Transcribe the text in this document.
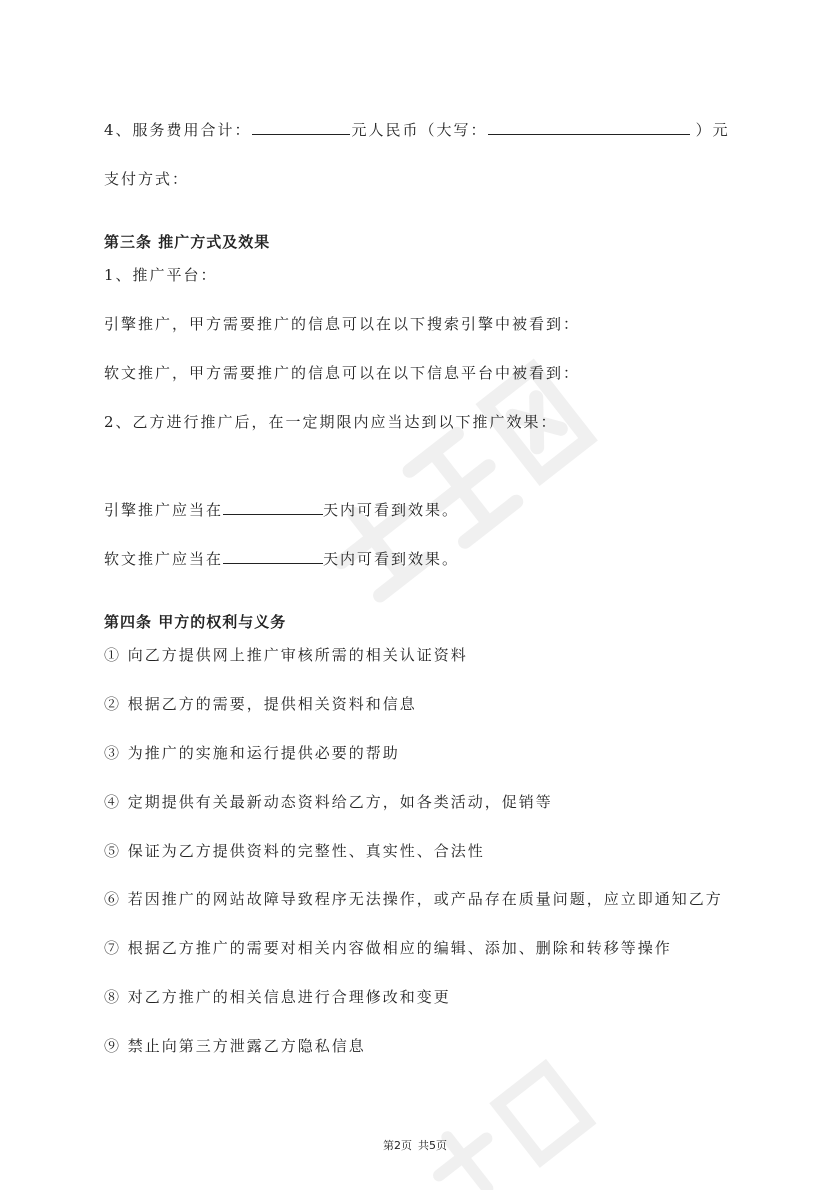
4、服务费用合计：	元人民币（大写：	）元
支付方式：
第三条 推广方式及效果
1、推广平台：
引擎推广，甲方需要推广的信息可以在以下搜索引擎中被看到：
软文推广，甲方需要推广的信息可以在以下信息平台中被看到：
2、乙方进行推广后，在一定期限内应当达到以下推广效果：
引擎推广应当在	天内可看到效果。
软文推广应当在	天内可看到效果。
第四条 甲方的权利与义务
① 向乙方提供网上推广审核所需的相关认证资料
② 根据乙方的需要，提供相关资料和信息
③ 为推广的实施和运行提供必要的帮助
④ 定期提供有关最新动态资料给乙方，如各类活动，促销等
⑤ 保证为乙方提供资料的完整性、真实性、合法性
⑥ 若因推广的网站故障导致程序无法操作，或产品存在质量问题，应立即通知乙方
⑦ 根据乙方推广的需要对相关内容做相应的编辑、添加、删除和转移等操作
⑧ 对乙方推广的相关信息进行合理修改和变更
⑨ 禁止向第三方泄露乙方隐私信息
第2页 共5页
